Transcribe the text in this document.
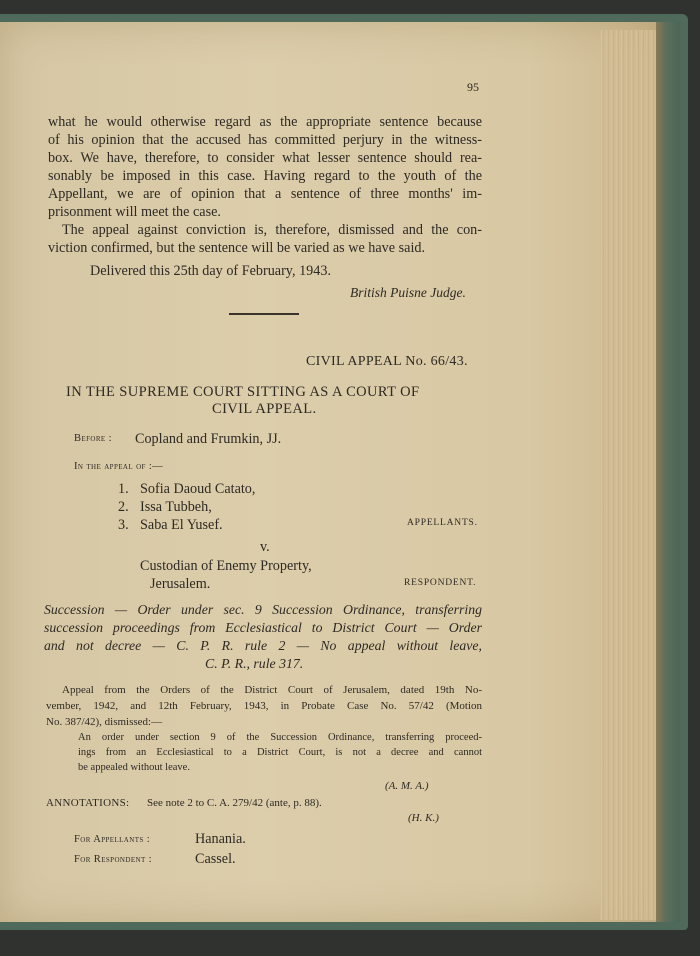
95
what he would otherwise regard as the appropriate sentence because
of his opinion that the accused has committed perjury in the witness-
box. We have, therefore, to consider what lesser sentence should rea-
sonably be imposed in this case. Having regard to the youth of the
Appellant, we are of opinion that a sentence of three months' im-
prisonment will meet the case.
The appeal against conviction is, therefore, dismissed and the con-
viction confirmed, but the sentence will be varied as we have said.
Delivered this 25th day of February, 1943.
British Puisne Judge.
CIVIL APPEAL No. 66/43.
IN THE SUPREME COURT SITTING AS A COURT OF
CIVIL APPEAL.
Before : Copland and Frumkin, JJ.
In the appeal of :—
1. Sofia Daoud Catato,
2. Issa Tubbeh,
3. Saba El Yusef.	APPELLANTS.
v.
Custodian of Enemy Property,
Jerusalem.	RESPONDENT.
Succession — Order under sec. 9 Succession Ordinance, transferring
succession proceedings from Ecclesiastical to District Court — Order
and not decree — C. P. R. rule 2 — No appeal without leave,
C. P. R., rule 317.
Appeal from the Orders of the District Court of Jerusalem, dated 19th No-
vember, 1942, and 12th February, 1943, in Probate Case No. 57/42 (Motion
No. 387/42), dismissed:—
An order under section 9 of the Succession Ordinance, transferring proceed-
ings from an Ecclesiastical to a District Court, is not a decree and cannot
be appealed without leave.
(A. M. A.)
ANNOTATIONS: See note 2 to C. A. 279/42 (ante, p. 88).
(H. K.)
For Appellants :	Hanania.
For Respondent :	Cassel.
